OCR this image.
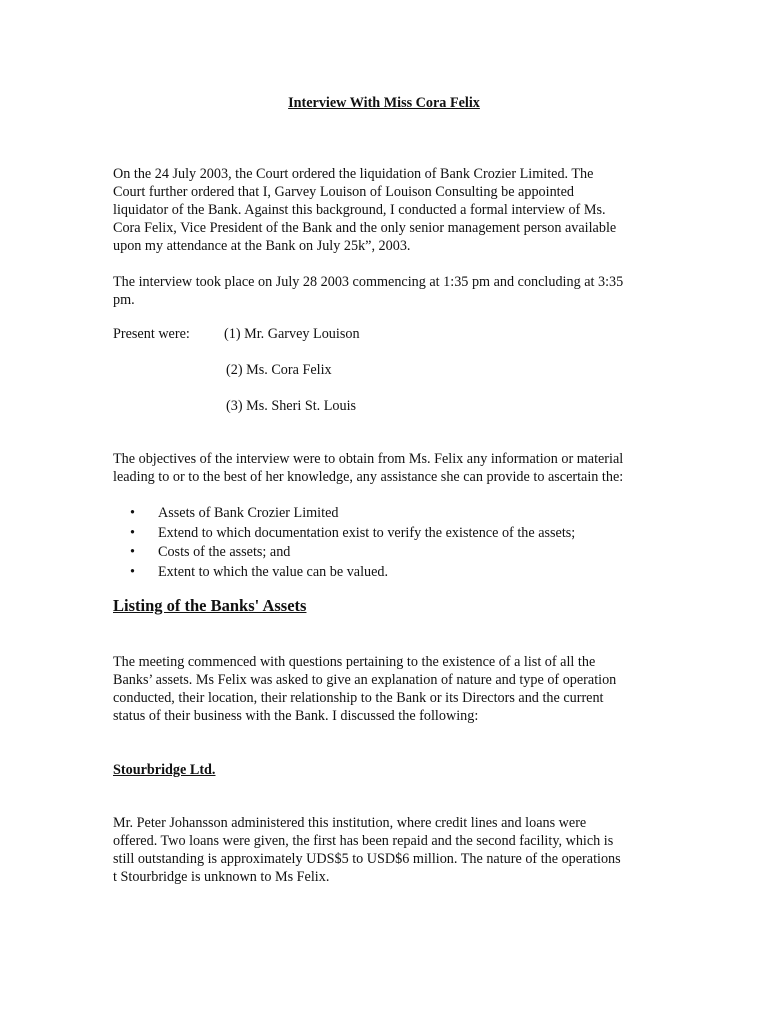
Interview With Miss Cora Felix

On the 24 July 2003, the Court ordered the liquidation of Bank Crozier Limited. The

Court further ordered that I, Garvey Louison of Louison Consulting be appointed

liquidator of the Bank. Against this background, I conducted a formal interview of Ms.

Cora Felix, Vice President of the Bank and the only senior management person available

upon my attendance at the Bank on July 25k”, 2003.

The interview took place on July 28 2003 commencing at 1:35 pm and concluding at 3:35

pm.

Present were: (1) Mr. Garvey Louison
(2) Ms. Cora Felix
(3) Ms. Sheri St. Louis

The objectives of the interview were to obtain from Ms. Felix any information or material

leading to or to the best of her knowledge, any assistance she can provide to ascertain the:

• Assets of Bank Crozier Limited
• Extend to which documentation exist to verify the existence of the assets;
• Costs of the assets; and
• Extent to which the value can be valued.
Listing of the Banks' Assets

The meeting commenced with questions pertaining to the existence of a list of all the

Banks’ assets. Ms Felix was asked to give an explanation of nature and type of operation

conducted, their location, their relationship to the Bank or its Directors and the current

status of their business with the Bank. I discussed the following:

Stourbridge Ltd.

Mr. Peter Johansson administered this institution, where credit lines and loans were

offered. Two loans were given, the first has been repaid and the second facility, which is

still outstanding is approximately UDS$5 to USD$6 million. The nature of the operations

t Stourbridge is unknown to Ms Felix.
